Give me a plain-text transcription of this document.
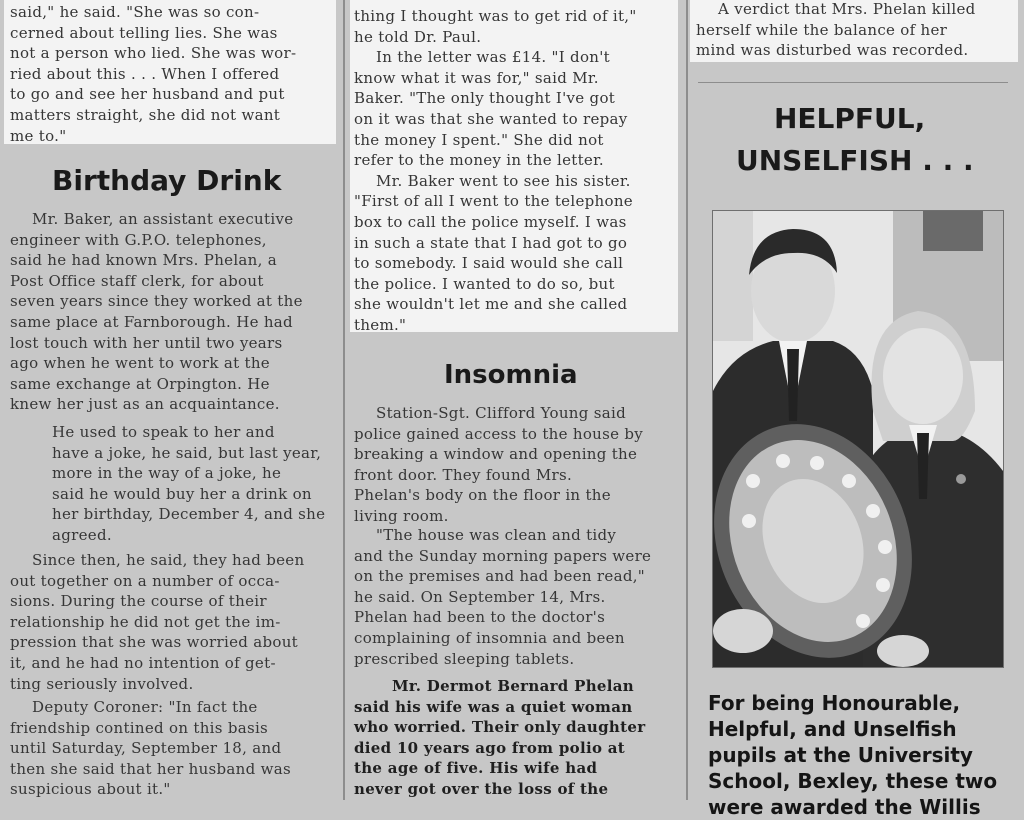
said," he said. "She was so con-
cerned about telling lies. She was
not a person who lied. She was wor-
ried about this . . . When I offered
to go and see her husband and put
matters straight, she did not want
me to."
Birthday Drink
Mr. Baker, an assistant executive
engineer with G.P.O. telephones,
said he had known Mrs. Phelan, a
Post Office staff clerk, for about
seven years since they worked at the
same place at Farnborough. He had
lost touch with her until two years
ago when he went to work at the
same exchange at Orpington. He
knew her just as an acquaintance.
He used to speak to her and
have a joke, he said, but last year,
more in the way of a joke, he
said he would buy her a drink on
her birthday, December 4, and she
agreed.
Since then, he said, they had been
out together on a number of occa-
sions. During the course of their
relationship he did not get the im-
pression that she was worried about
it, and he had no intention of get-
ting seriously involved.
Deputy Coroner: "In fact the
friendship contined on this basis
until Saturday, September 18, and
then she said that her husband was
suspicious about it."
thing I thought was to get rid of it,"
he told Dr. Paul.
In the letter was £14. "I don't
know what it was for," said Mr.
Baker. "The only thought I've got
on it was that she wanted to repay
the money I spent." She did not
refer to the money in the letter.
Mr. Baker went to see his sister.
"First of all I went to the telephone
box to call the police myself. I was
in such a state that I had got to go
to somebody. I said would she call
the police. I wanted to do so, but
she wouldn't let me and she called
them."
Insomnia
Station-Sgt. Clifford Young said
police gained access to the house by
breaking a window and opening the
front door. They found Mrs.
Phelan's body on the floor in the
living room.
"The house was clean and tidy
and the Sunday morning papers were
on the premises and had been read,"
he said. On September 14, Mrs.
Phelan had been to the doctor's
complaining of insomnia and been
prescribed sleeping tablets.
Mr. Dermot Bernard Phelan
said his wife was a quiet woman
who worried. Their only daughter
died 10 years ago from polio at
the age of five. His wife had
never got over the loss of the
A verdict that Mrs. Phelan killed
herself while the balance of her
mind was disturbed was recorded.
HELPFUL,
UNSELFISH . . .
For being Honourable,
Helpful, and Unselfish
pupils at the University
School, Bexley, these two
were awarded the Willis
